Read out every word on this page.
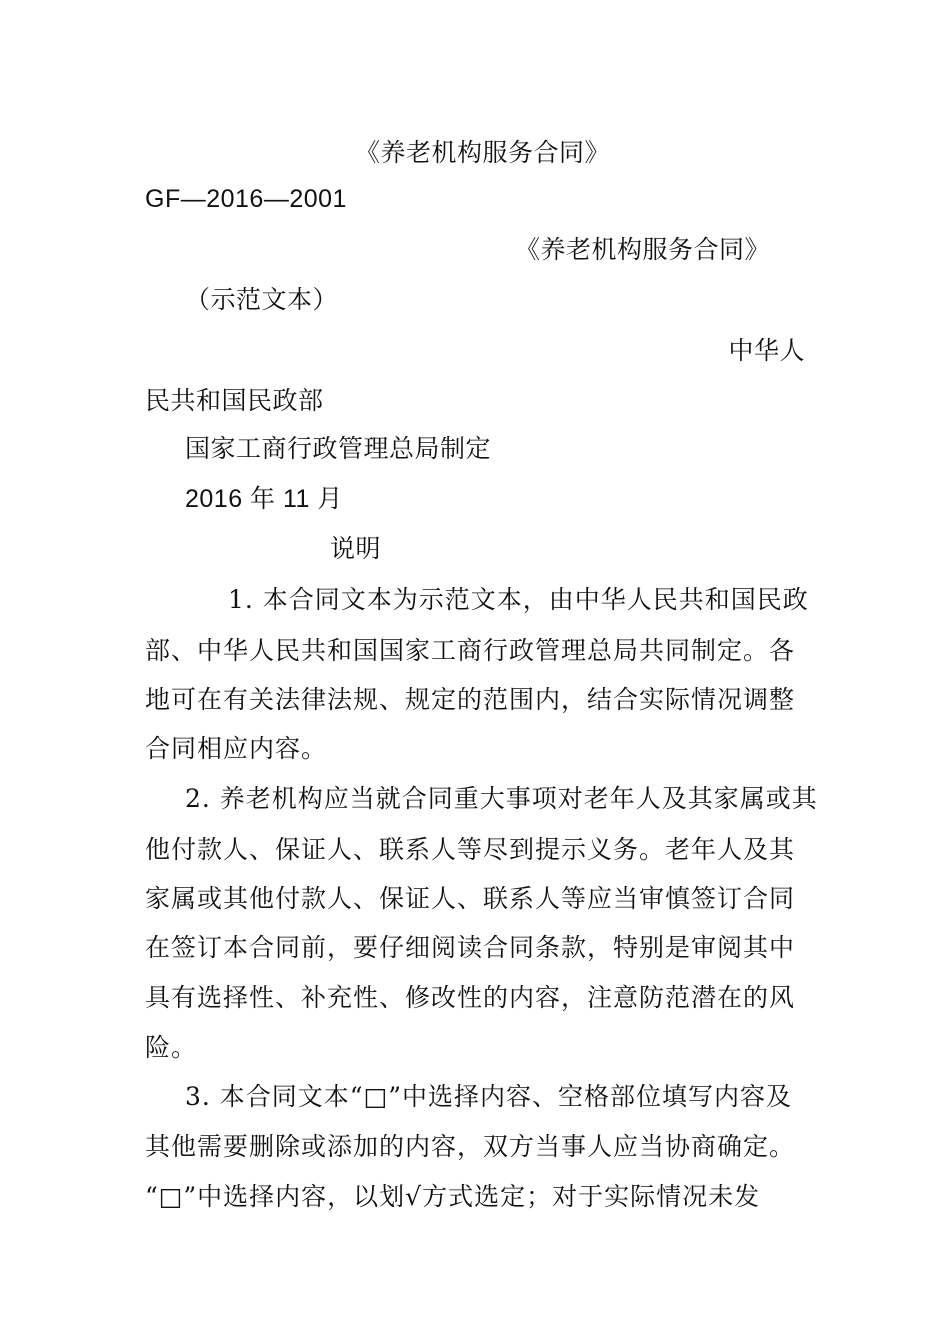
《养老机构服务合同》
GF—2016—2001
《养老机构服务合同》
（示范文本）
中华人
民共和国民政部
国家工商行政管理总局制定
2016 年 11 月
说明
1. 本合同文本为示范文本，由中华人民共和国民政
部、中华人民共和国国家工商行政管理总局共同制定。各
地可在有关法律法规、规定的范围内，结合实际情况调整
合同相应内容。
2. 养老机构应当就合同重大事项对老年人及其家属或其
他付款人、保证人、联系人等尽到提示义务。老年人及其
家属或其他付款人、保证人、联系人等应当审慎签订合同
在签订本合同前，要仔细阅读合同条款，特别是审阅其中
具有选择性、补充性、修改性的内容，注意防范潜在的风
险。
3. 本合同文本“□”中选择内容、空格部位填写内容及
其他需要删除或添加的内容，双方当事人应当协商确定。
“□”中选择内容，以划√方式选定；对于实际情况未发
